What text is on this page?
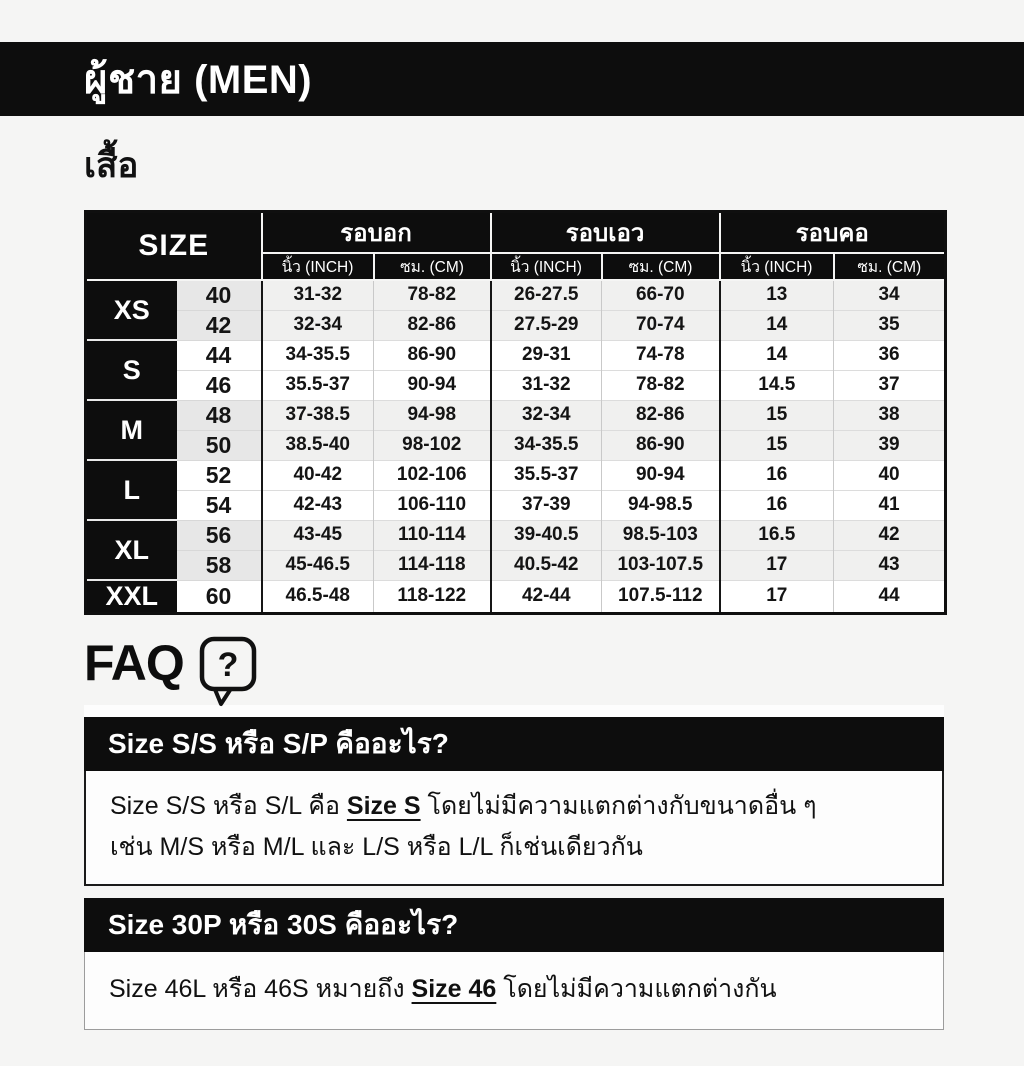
ผู้ชาย (MEN)
เสื้อ
SIZE		รอบอก		รอบเอว		รอบคอ	
		นิ้ว (INCH)	ซม. (CM)	นิ้ว (INCH)	ซม. (CM)	นิ้ว (INCH)	ซม. (CM)
XS	40	31-32	78-82	26-27.5	66-70	13	34
	42	32-34	82-86	27.5-29	70-74	14	35
S	44	34-35.5	86-90	29-31	74-78	14	36
	46	35.5-37	90-94	31-32	78-82	14.5	37
M	48	37-38.5	94-98	32-34	82-86	15	38
	50	38.5-40	98-102	34-35.5	86-90	15	39
L	52	40-42	102-106	35.5-37	90-94	16	40
	54	42-43	106-110	37-39	94-98.5	16	41
XL	56	43-45	110-114	39-40.5	98.5-103	16.5	42
	58	45-46.5	114-118	40.5-42	103-107.5	17	43
XXL	60	46.5-48	118-122	42-44	107.5-112	17	44
FAQ ?
Size S/S หรือ S/P คืออะไร?
Size S/S หรือ S/L คือ Size S โดยไม่มีความแตกต่างกับขนาดอื่น ๆ
เช่น M/S หรือ M/L และ L/S หรือ L/L ก็เช่นเดียวกัน
Size 30P หรือ 30S คืออะไร?
Size 46L หรือ 46S หมายถึง Size 46 โดยไม่มีความแตกต่างกัน
